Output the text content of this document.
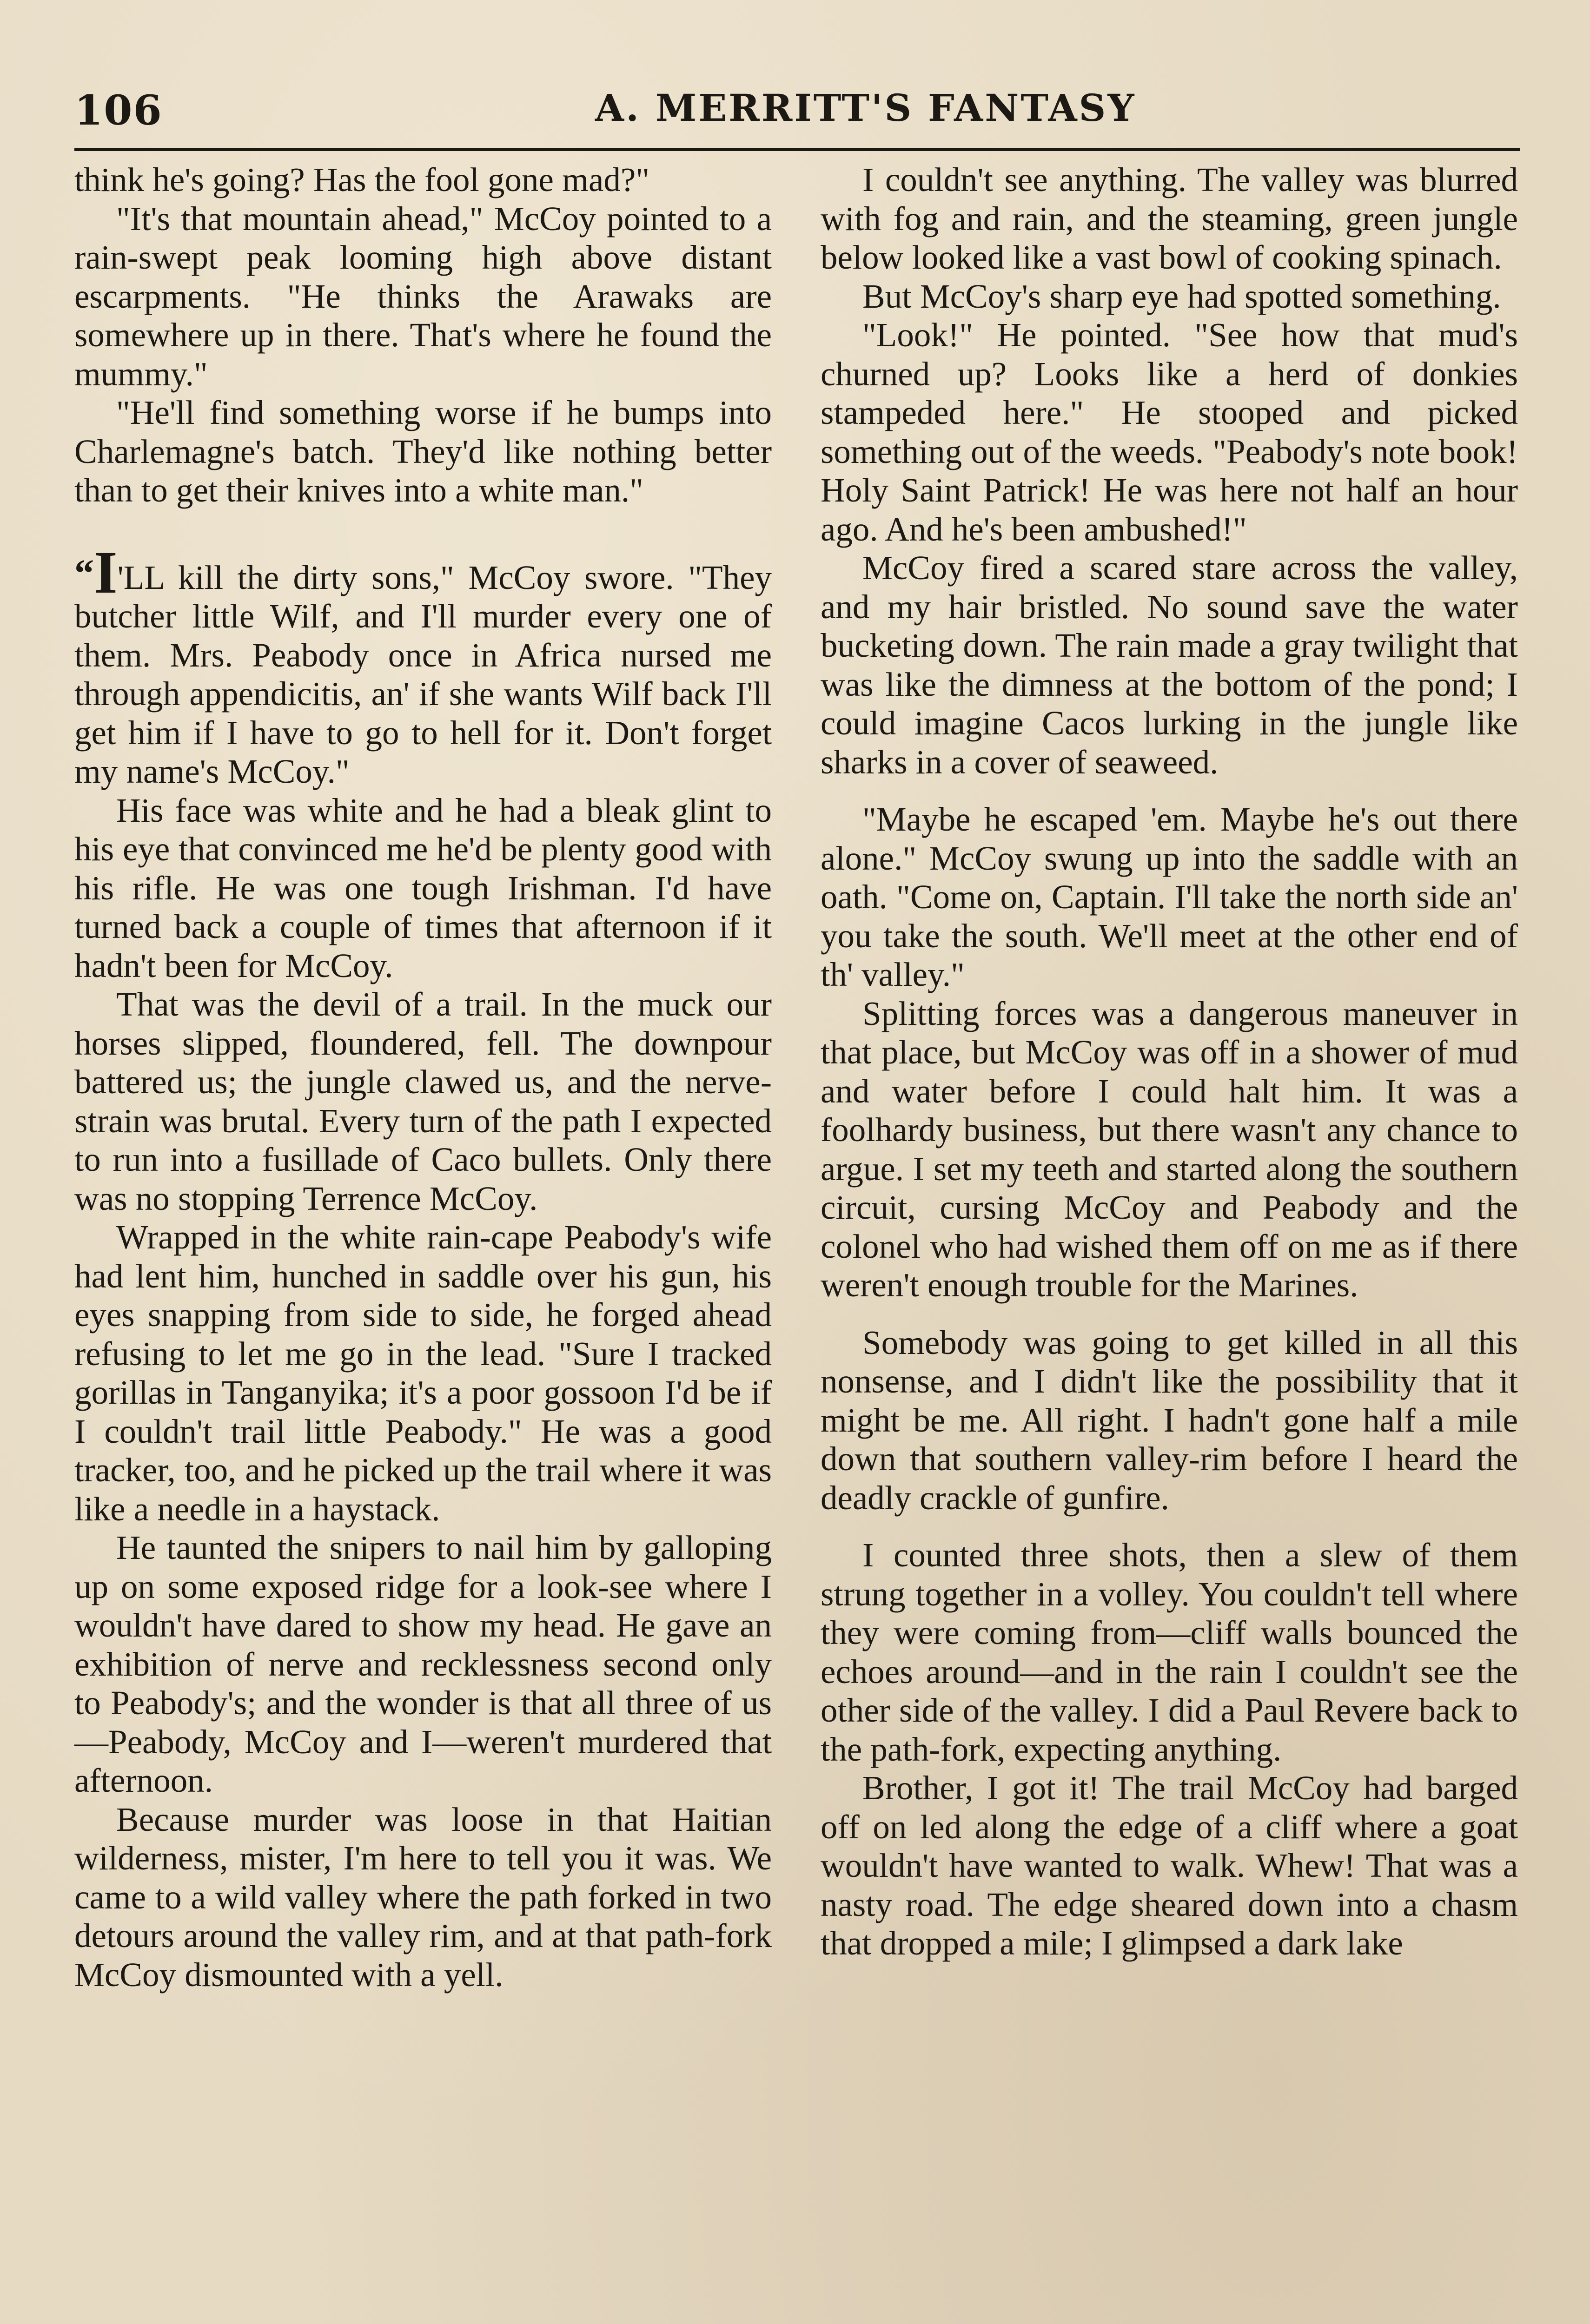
106	A. MERRITT'S FANTASY

think he's going? Has the fool gone mad?"

"It's that mountain ahead," McCoy pointed to a rain-swept peak looming high above distant escarpments. "He thinks the Arawaks are somewhere up in there. That's where he found the mummy."

"He'll find something worse if he bumps into Charlemagne's batch. They'd like nothing better than to get their knives into a white man."

“I'LL kill the dirty sons," McCoy swore. "They butcher little Wilf, and I'll murder every one of them. Mrs. Peabody once in Africa nursed me through appendicitis, an' if she wants Wilf back I'll get him if I have to go to hell for it. Don't forget my name's McCoy."

His face was white and he had a bleak glint to his eye that convinced me he'd be plenty good with his rifle. He was one tough Irishman. I'd have turned back a couple of times that afternoon if it hadn't been for McCoy.

That was the devil of a trail. In the muck our horses slipped, floundered, fell. The downpour battered us; the jungle clawed us, and the nerve-strain was brutal. Every turn of the path I expected to run into a fusillade of Caco bullets. Only there was no stopping Terrence McCoy.

Wrapped in the white rain-cape Peabody's wife had lent him, hunched in saddle over his gun, his eyes snapping from side to side, he forged ahead refusing to let me go in the lead. "Sure I tracked gorillas in Tanganyika; it's a poor gossoon I'd be if I couldn't trail little Peabody." He was a good tracker, too, and he picked up the trail where it was like a needle in a haystack.

He taunted the snipers to nail him by galloping up on some exposed ridge for a look-see where I wouldn't have dared to show my head. He gave an exhibition of nerve and recklessness second only to Peabody's; and the wonder is that all three of us—Peabody, McCoy and I—weren't murdered that afternoon.

Because murder was loose in that Haitian wilderness, mister, I'm here to tell you it was. We came to a wild valley where the path forked in two detours around the valley rim, and at that path-fork McCoy dismounted with a yell.

I couldn't see anything. The valley was blurred with fog and rain, and the steaming, green jungle below looked like a vast bowl of cooking spinach.

But McCoy's sharp eye had spotted something.

"Look!" He pointed. "See how that mud's churned up? Looks like a herd of donkies stampeded here." He stooped and picked something out of the weeds. "Peabody's note book! Holy Saint Patrick! He was here not half an hour ago. And he's been ambushed!"

McCoy fired a scared stare across the valley, and my hair bristled. No sound save the water bucketing down. The rain made a gray twilight that was like the dimness at the bottom of the pond; I could imagine Cacos lurking in the jungle like sharks in a cover of seaweed.

"Maybe he escaped 'em. Maybe he's out there alone." McCoy swung up into the saddle with an oath. "Come on, Captain. I'll take the north side an' you take the south. We'll meet at the other end of th' valley."

Splitting forces was a dangerous maneuver in that place, but McCoy was off in a shower of mud and water before I could halt him. It was a foolhardy business, but there wasn't any chance to argue. I set my teeth and started along the southern circuit, cursing McCoy and Peabody and the colonel who had wished them off on me as if there weren't enough trouble for the Marines.

Somebody was going to get killed in all this nonsense, and I didn't like the possibility that it might be me. All right. I hadn't gone half a mile down that southern valley-rim before I heard the deadly crackle of gunfire.

I counted three shots, then a slew of them strung together in a volley. You couldn't tell where they were coming from—cliff walls bounced the echoes around—and in the rain I couldn't see the other side of the valley. I did a Paul Revere back to the path-fork, expecting anything.

Brother, I got it! The trail McCoy had barged off on led along the edge of a cliff where a goat wouldn't have wanted to walk. Whew! That was a nasty road. The edge sheared down into a chasm that dropped a mile; I glimpsed a dark lake
